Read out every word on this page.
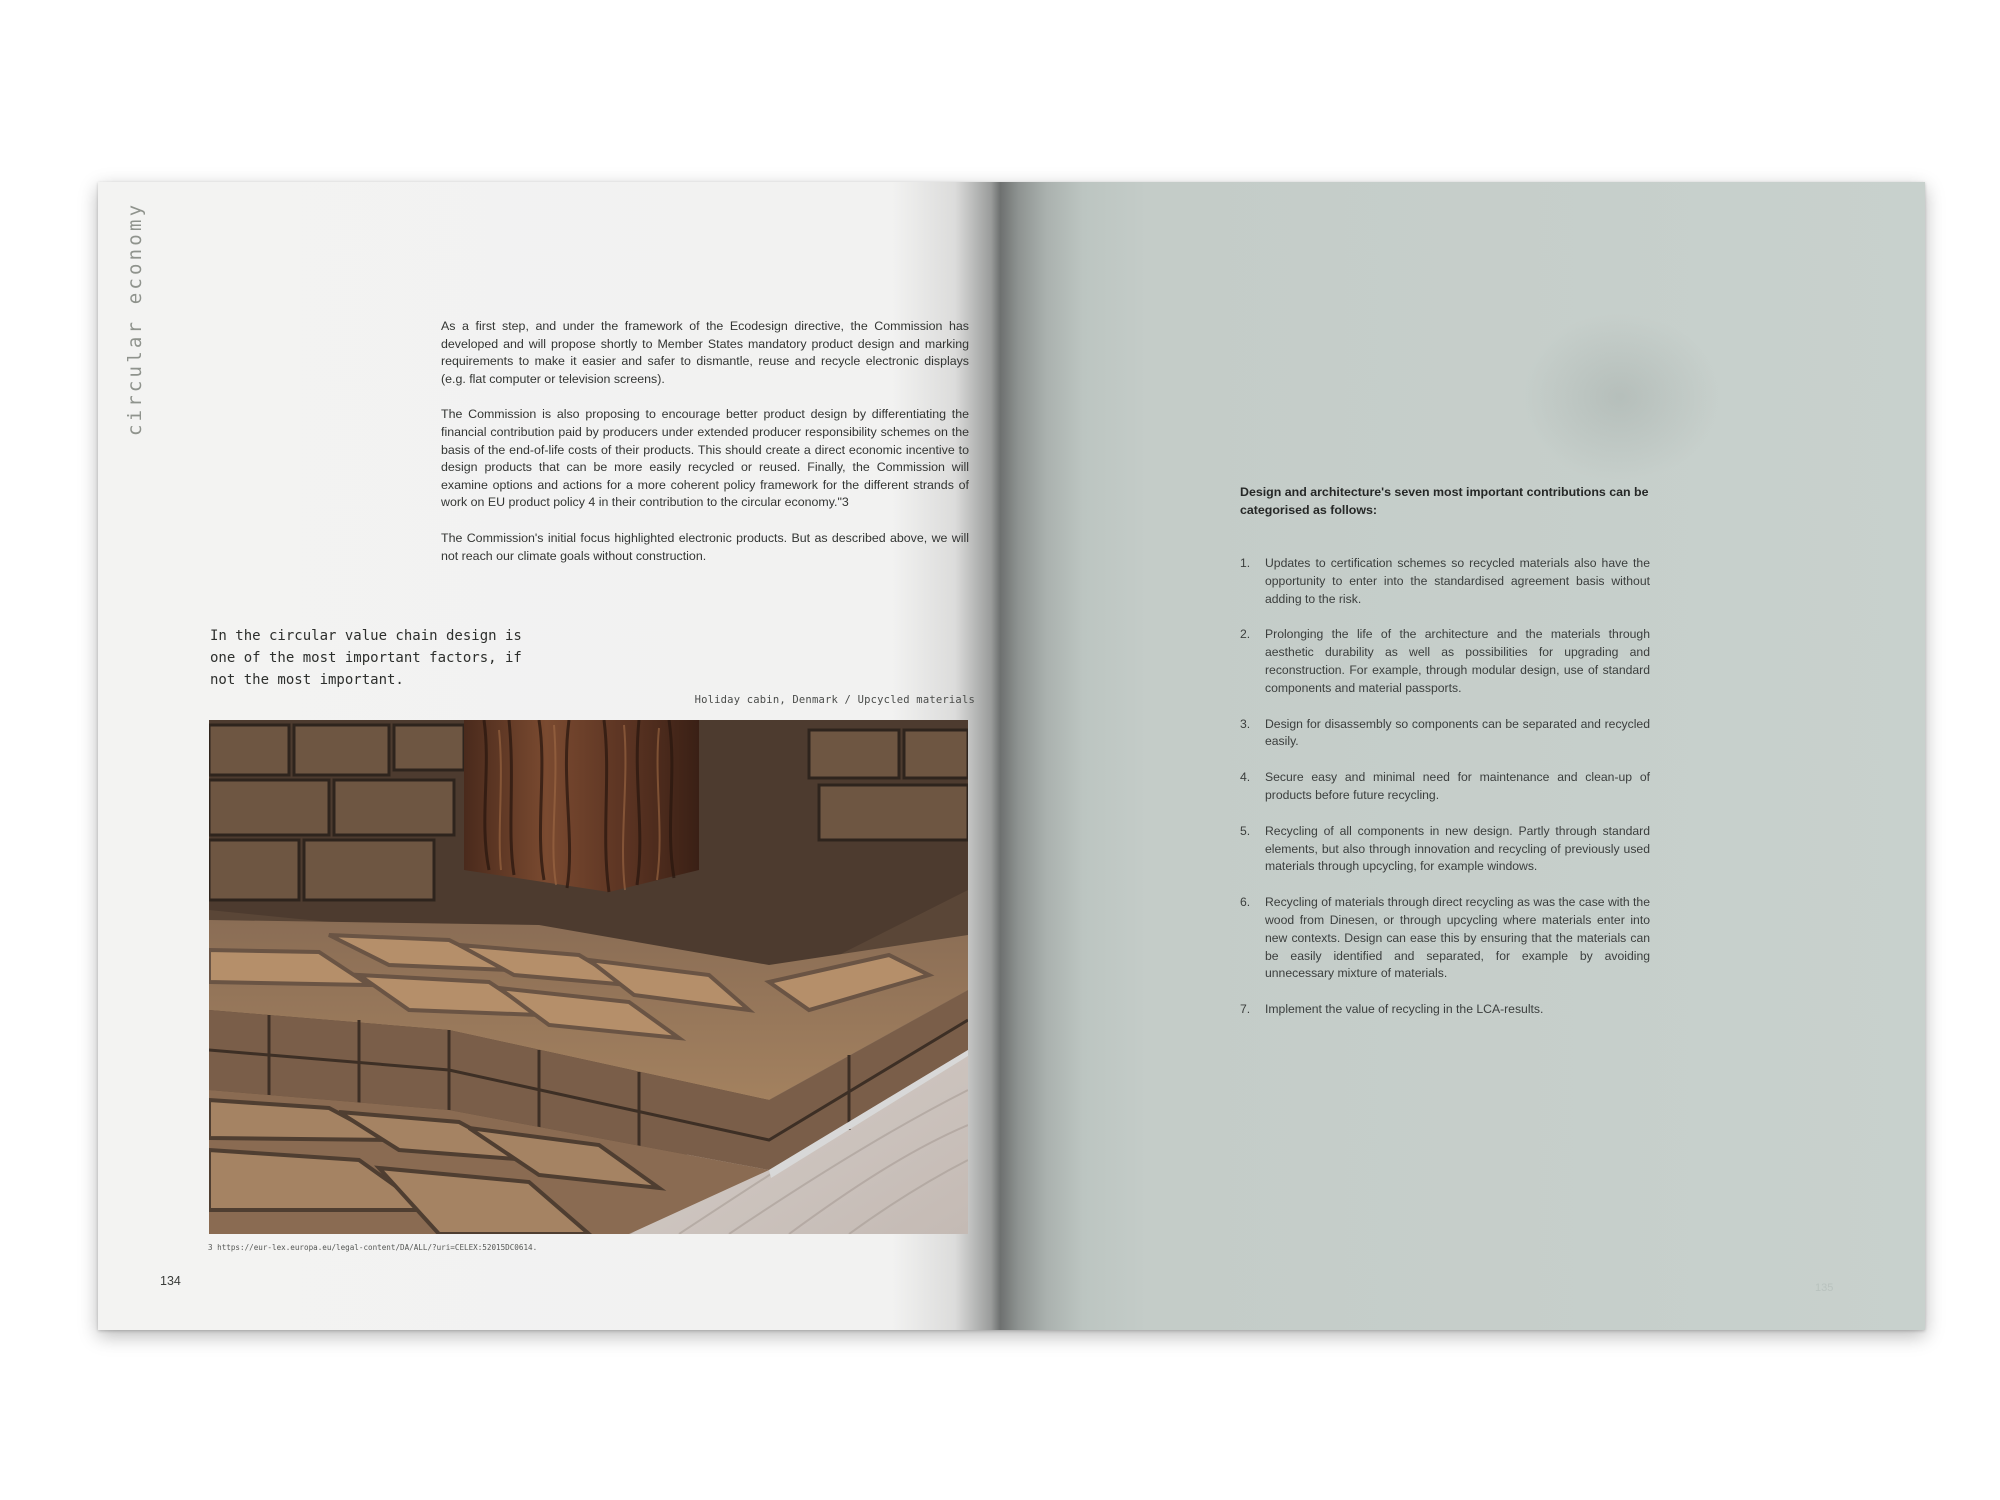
circular economy	As a first step, and under the framework of the Ecodesign directive, the Commission has developed and will propose shortly to Member States mandatory product design and marking requirements to make it easier and safer to dismantle, reuse and recycle electronic displays (e.g. flat computer or television screens).

The Commission is also proposing to encourage better product design by differentiating the financial contribution paid by producers under extended producer responsibility schemes on the basis of the end-of-life costs of their products. This should create a direct economic incentive to design products that can be more easily recycled or reused. Finally, the Commission will examine options and actions for a more coherent policy framework for the different strands of work on EU product policy 4 in their contribution to the circular economy."3

The Commission's initial focus highlighted electronic products. But as described above, we will not reach our climate goals without construction.

In the circular value chain design is one of the most important factors, if not the most important.
Holiday cabin, Denmark / Upcycled materials
3 https://eur-lex.europa.eu/legal-content/DA/ALL/?uri=CELEX:52015DC0614.
134
Design and architecture's seven most important contributions can be categorised as follows:
1. Updates to certification schemes so recycled materials also have the opportunity to enter into the standardised agreement basis without adding to the risk.
2. Prolonging the life of the architecture and the materials through aesthetic durability as well as possibilities for upgrading and reconstruction. For example, through modular design, use of standard components and material passports.
3. Design for disassembly so components can be separated and recycled easily.
4. Secure easy and minimal need for maintenance and clean-up of products before future recycling.
5. Recycling of all components in new design. Partly through standard elements, but also through innovation and recycling of previously used materials through upcycling, for example windows.
6. Recycling of materials through direct recycling as was the case with the wood from Dinesen, or through upcycling where materials enter into new contexts. Design can ease this by ensuring that the materials can be easily identified and separated, for example by avoiding unnecessary mixture of materials.
7. Implement the value of recycling in the LCA-results.
135
